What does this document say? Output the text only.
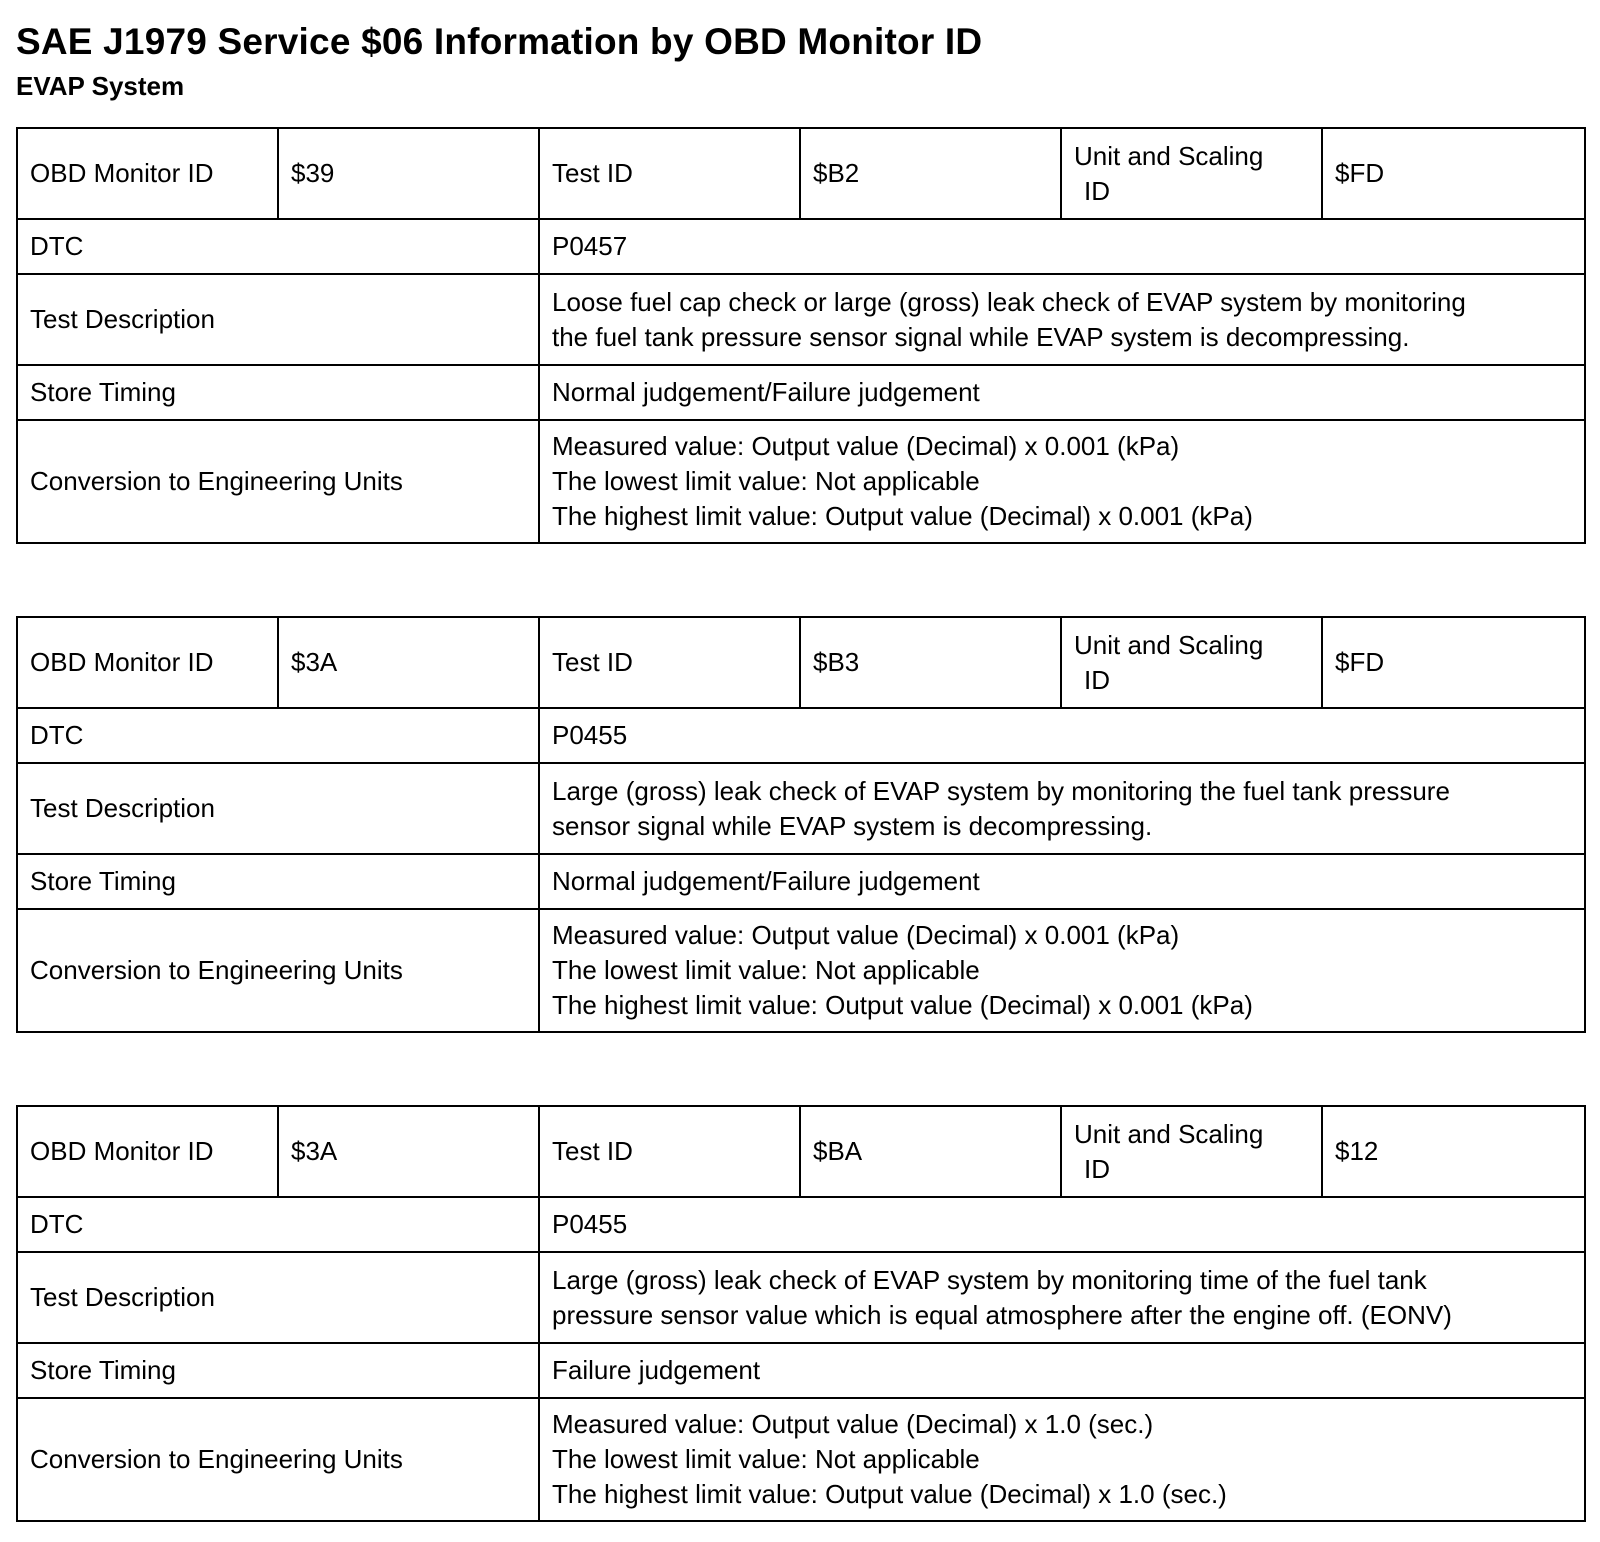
SAE J1979 Service $06 Information by OBD Monitor ID
EVAP System
OBD Monitor ID	$39	Test ID	$B2	Unit and Scaling
ID	$FD
DTC		P0457			
Test Description		Loose fuel cap check or large (gross) leak check of EVAP system by monitoring
the fuel tank pressure sensor signal while EVAP system is decompressing.			

Store Timing		Normal judgement/Failure judgement			
Conversion to Engineering Units		Measured value: Output value (Decimal) x 0.001 (kPa)
The lowest limit value: Not applicable
The highest limit value: Output value (Decimal) x 0.001 (kPa)			
OBD Monitor ID	$3A	Test ID	$B3	Unit and Scaling
ID	$FD
DTC		P0455			
Test Description		Large (gross) leak check of EVAP system by monitoring the fuel tank pressure
sensor signal while EVAP system is decompressing.			

Store Timing		Normal judgement/Failure judgement			
Conversion to Engineering Units		Measured value: Output value (Decimal) x 0.001 (kPa)
The lowest limit value: Not applicable
The highest limit value: Output value (Decimal) x 0.001 (kPa)			
OBD Monitor ID	$3A	Test ID	$BA	Unit and Scaling
ID	$12
DTC		P0455			
Test Description		Large (gross) leak check of EVAP system by monitoring time of the fuel tank
pressure sensor value which is equal atmosphere after the engine off. (EONV)			

Store Timing		Failure judgement			
Conversion to Engineering Units		Measured value: Output value (Decimal) x 1.0 (sec.)
The lowest limit value: Not applicable
The highest limit value: Output value (Decimal) x 1.0 (sec.)			
